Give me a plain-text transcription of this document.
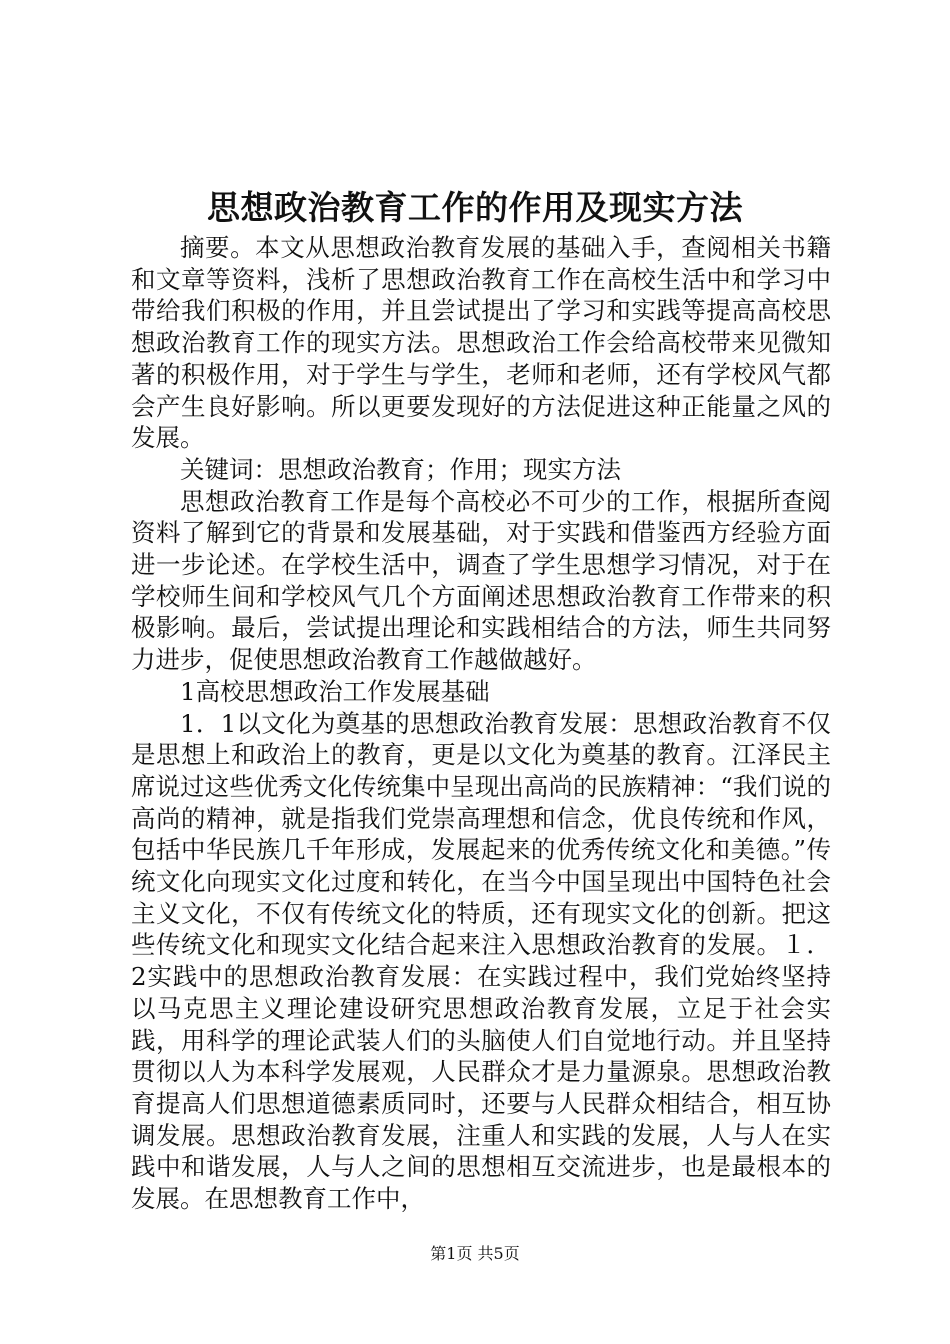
思想政治教育工作的作用及现实方法

摘要。本文从思想政治教育发展的基础入手，查阅相关书籍和文章等资料，浅析了思想政治教育工作在高校生活中和学习中带给我们积极的作用，并且尝试提出了学习和实践等提高高校思想政治教育工作的现实方法。思想政治工作会给高校带来见微知著的积极作用，对于学生与学生，老师和老师，还有学校风气都会产生良好影响。所以更要发现好的方法促进这种正能量之风的发展。

关键词：思想政治教育；作用；现实方法

思想政治教育工作是每个高校必不可少的工作，根据所查阅资料了解到它的背景和发展基础，对于实践和借鉴西方经验方面进一步论述。在学校生活中，调查了学生思想学习情况，对于在学校师生间和学校风气几个方面阐述思想政治教育工作带来的积极影响。最后，尝试提出理论和实践相结合的方法，师生共同努力进步，促使思想政治教育工作越做越好。

1高校思想政治工作发展基础

1．1以文化为奠基的思想政治教育发展：思想政治教育不仅是思想上和政治上的教育，更是以文化为奠基的教育。江泽民主席说过这些优秀文化传统集中呈现出高尚的民族精神：“我们说的高尚的精神，就是指我们党崇高理想和信念，优良传统和作风，包括中华民族几千年形成，发展起来的优秀传统文化和美德。”传统文化向现实文化过度和转化，在当今中国呈现出中国特色社会主义文化，不仅有传统文化的特质，还有现实文化的创新。把这些传统文化和现实文化结合起来注入思想政治教育的发展。１．2实践中的思想政治教育发展：在实践过程中，我们党始终坚持以马克思主义理论建设研究思想政治教育发展，立足于社会实践，用科学的理论武装人们的头脑使人们自觉地行动。并且坚持贯彻以人为本科学发展观，人民群众才是力量源泉。思想政治教育提高人们思想道德素质同时，还要与人民群众相结合，相互协调发展。思想政治教育发展，注重人和实践的发展，人与人在实践中和谐发展，人与人之间的思想相互交流进步，也是最根本的发展。在思想教育工作中，

第1页 共5页
